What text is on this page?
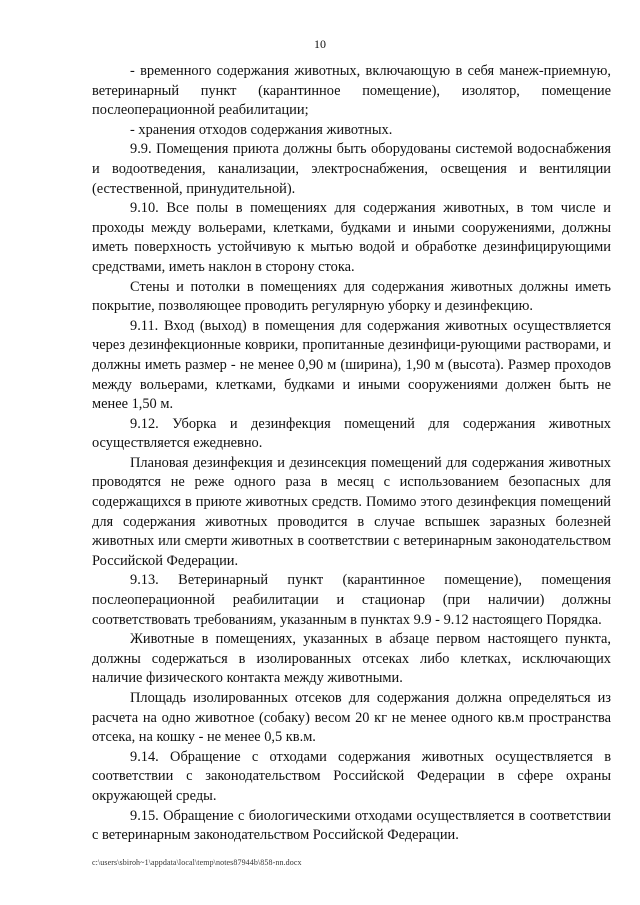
10

- временного содержания животных, включающую в себя манеж-приемную, ветеринарный пункт (карантинное помещение), изолятор, помещение послеоперационной реабилитации;

- хранения отходов содержания животных.

9.9. Помещения приюта должны быть оборудованы системой водоснабжения и водоотведения, канализации, электроснабжения, освещения и вентиляции (естественной, принудительной).

9.10. Все полы в помещениях для содержания животных, в том числе и проходы между вольерами, клетками, будками и иными сооружениями, должны иметь поверхность устойчивую к мытью водой и обработке дезинфицирующими средствами, иметь наклон в сторону стока.

Стены и потолки в помещениях для содержания животных должны иметь покрытие, позволяющее проводить регулярную уборку и дезинфекцию.

9.11. Вход (выход) в помещения для содержания животных осуществляется через дезинфекционные коврики, пропитанные дезинфици-рующими растворами, и должны иметь размер - не менее 0,90 м (ширина), 1,90 м (высота). Размер проходов между вольерами, клетками, будками и иными сооружениями должен быть не менее 1,50 м.

9.12. Уборка и дезинфекция помещений для содержания животных осуществляется ежедневно.

Плановая дезинфекция и дезинсекция помещений для содержания животных проводятся не реже одного раза в месяц с использованием безопасных для содержащихся в приюте животных средств. Помимо этого дезинфекция помещений для содержания животных проводится в случае вспышек заразных болезней животных или смерти животных в соответствии с ветеринарным законодательством Российской Федерации.

9.13. Ветеринарный пункт (карантинное помещение), помещения послеоперационной реабилитации и стационар (при наличии) должны соответствовать требованиям, указанным в пунктах 9.9 - 9.12 настоящего Порядка.

Животные в помещениях, указанных в абзаце первом настоящего пункта, должны содержаться в изолированных отсеках либо клетках, исключающих наличие физического контакта между животными.

Площадь изолированных отсеков для содержания должна определяться из расчета на одно животное (собаку) весом 20 кг не менее одного кв.м пространства отсека, на кошку - не менее 0,5 кв.м.

9.14. Обращение с отходами содержания животных осуществляется в соответствии с законодательством Российской Федерации в сфере охраны окружающей среды.

9.15. Обращение с биологическими отходами осуществляется в соответствии с ветеринарным законодательством Российской Федерации.

c:\users\sbiroh~1\appdata\local\temp\notes87944b\858-nn.docx
